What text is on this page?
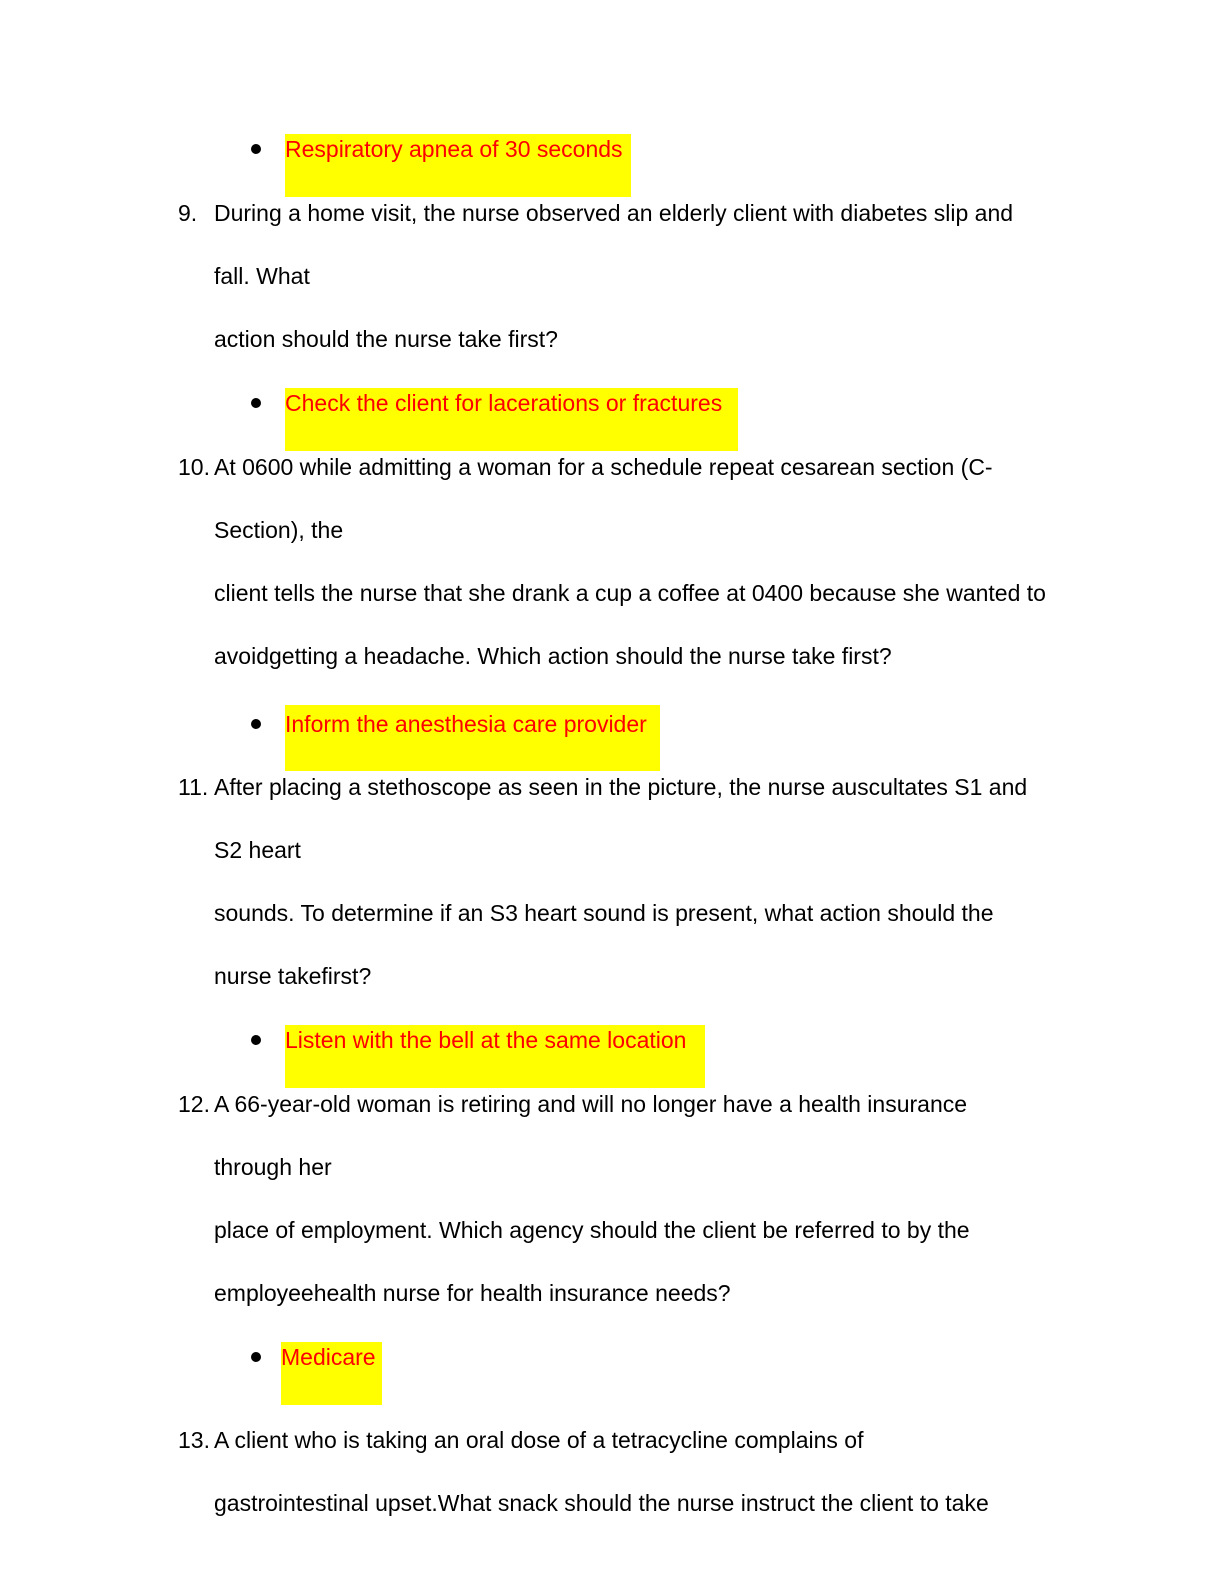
Respiratory apnea of 30 seconds
9. During a home visit, the nurse observed an elderly client with diabetes slip and
fall. What
action should the nurse take first?
Check the client for lacerations or fractures
10. At 0600 while admitting a woman for a schedule repeat cesarean section (C-
Section), the
client tells the nurse that she drank a cup a coffee at 0400 because she wanted to
avoidgetting a headache. Which action should the nurse take first?
Inform the anesthesia care provider
11. After placing a stethoscope as seen in the picture, the nurse auscultates S1 and
S2 heart
sounds. To determine if an S3 heart sound is present, what action should the
nurse takefirst?
Listen with the bell at the same location
12. A 66-year-old woman is retiring and will no longer have a health insurance
through her
place of employment. Which agency should the client be referred to by the
employeehealth nurse for health insurance needs?
Medicare
13. A client who is taking an oral dose of a tetracycline complains of
gastrointestinal upset.What snack should the nurse instruct the client to take
